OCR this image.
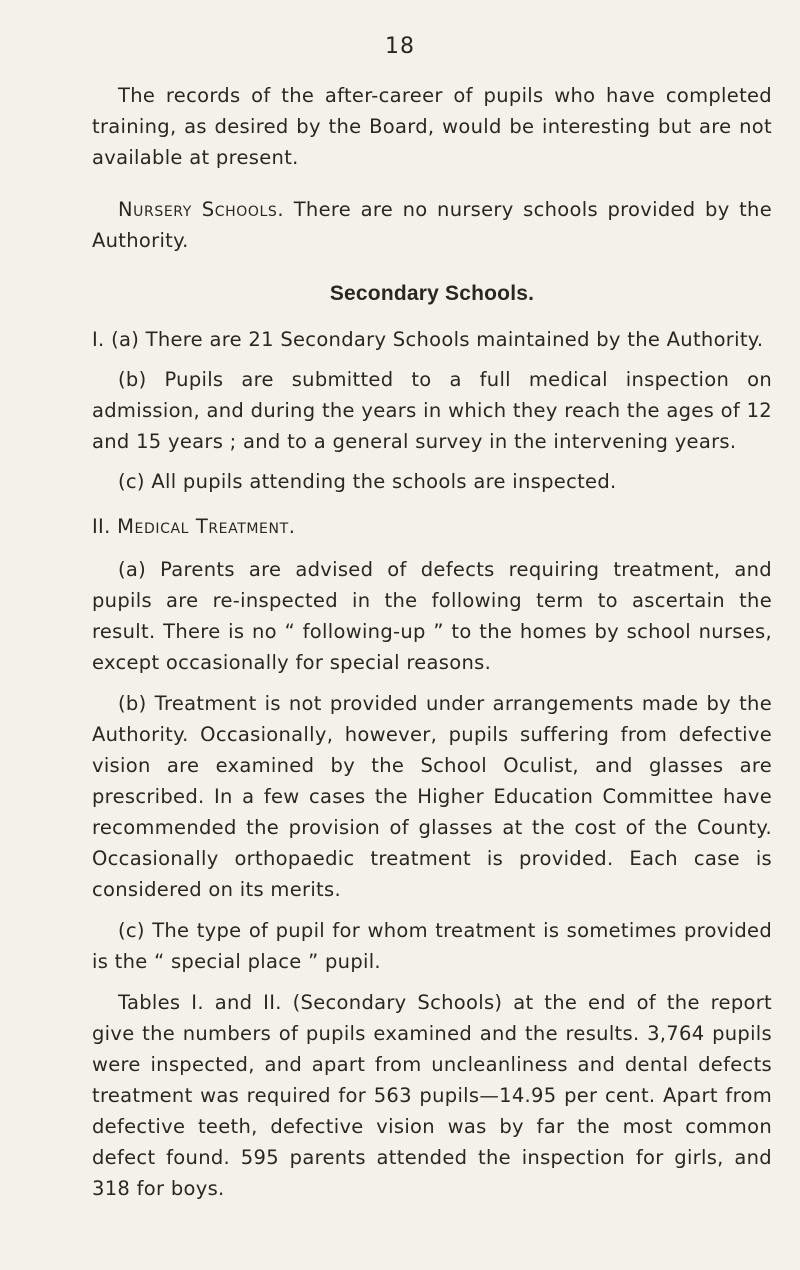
18

The records of the after-career of pupils who have completed training, as desired by the Board, would be interesting but are not available at present.

Nursery Schools. There are no nursery schools provided by the Authority.

Secondary Schools.

I. (a) There are 21 Secondary Schools maintained by the Authority.

(b) Pupils are submitted to a full medical inspection on admission, and during the years in which they reach the ages of 12 and 15 years ; and to a general survey in the intervening years.

(c) All pupils attending the schools are inspected.

II. Medical Treatment.

(a) Parents are advised of defects requiring treatment, and pupils are re-inspected in the following term to ascertain the result. There is no “ following-up ” to the homes by school nurses, except occasionally for special reasons.

(b) Treatment is not provided under arrangements made by the Authority. Occasionally, however, pupils suffering from defective vision are examined by the School Oculist, and glasses are prescribed. In a few cases the Higher Education Committee have recommended the provision of glasses at the cost of the County. Occasionally orthopaedic treatment is provided. Each case is considered on its merits.

(c) The type of pupil for whom treatment is sometimes provided is the “ special place ” pupil.

Tables I. and II. (Secondary Schools) at the end of the report give the numbers of pupils examined and the results. 3,764 pupils were inspected, and apart from uncleanliness and dental defects treatment was required for 563 pupils—14.95 per cent. Apart from defective teeth, defective vision was by far the most common defect found. 595 parents attended the inspection for girls, and 318 for boys.
